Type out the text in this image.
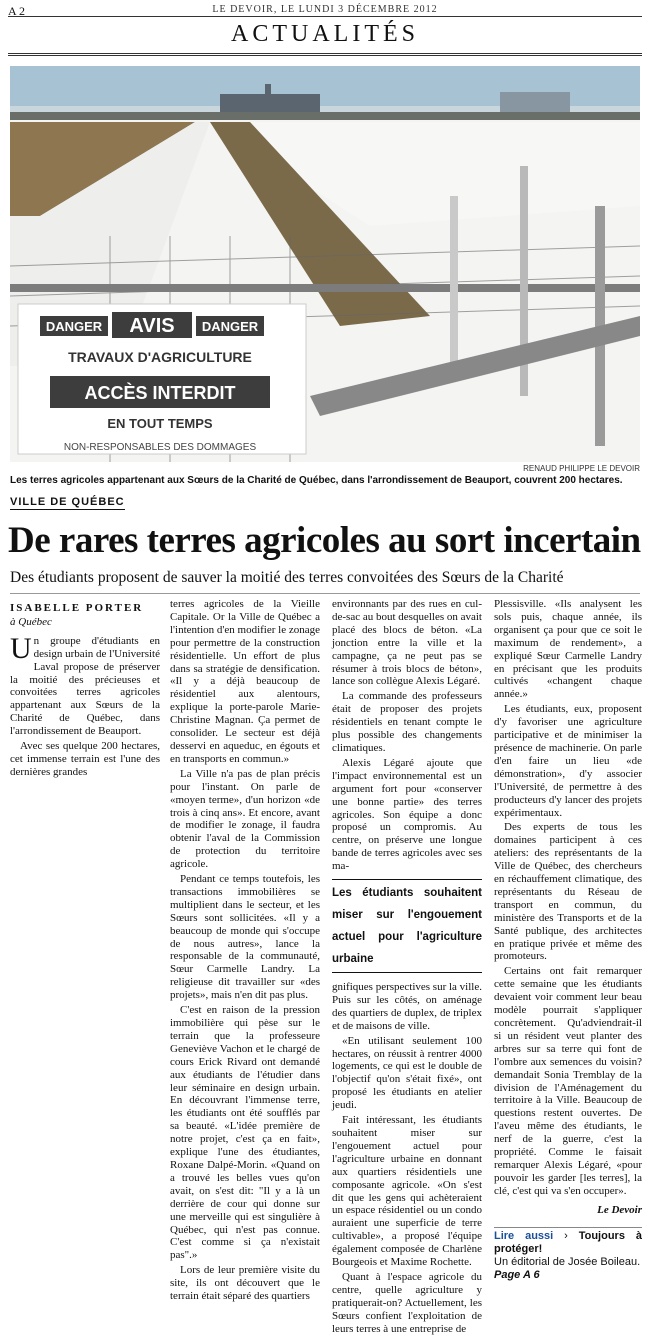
A 2	LE DEVOIR, LE LUNDI 3 DÉCEMBRE 2012
ACTUALITÉS
DANGER AVIS DANGER
TRAVAUX D'AGRICULTURE
ACCÈS INTERDIT
EN TOUT TEMPS
NON-RESPONSABLES DES DOMMAGES
RENAUD PHILIPPE LE DEVOIR
Les terres agricoles appartenant aux Sœurs de la Charité de Québec, dans l'arrondissement de Beauport, couvrent 200 hectares.
VILLE DE QUÉBEC
De rares terres agricoles au sort incertain
Des étudiants proposent de sauver la moitié des terres convoitées des Sœurs de la Charité
ISABELLE PORTER
à Québec

Un groupe d'étudiants en design urbain de l'Université Laval propose de préserver la moitié des précieuses et convoitées terres agricoles appartenant aux Sœurs de la Charité de Québec, dans l'arrondissement de Beauport.

Avec ses quelque 200 hectares, cet immense terrain est l'une des dernières grandes

terres agricoles de la Vieille Capitale. Or la Ville de Québec a l'intention d'en modifier le zonage pour permettre de la construction résidentielle. Un effort de plus dans sa stratégie de densification. «Il y a déjà beaucoup de résidentiel aux alentours, explique la porte-parole Marie-Christine Magnan. Ça permet de consolider. Le secteur est déjà desservi en aqueduc, en égouts et en transports en commun.»

La Ville n'a pas de plan précis pour l'instant. On parle de «moyen terme», d'un horizon «de trois à cinq ans». Et encore, avant de modifier le zonage, il faudra obtenir l'aval de la Commission de protection du territoire agricole.

Pendant ce temps toutefois, les transactions immobilières se multiplient dans le secteur, et les Sœurs sont sollicitées. «Il y a beaucoup de monde qui s'occupe de nous autres», lance la responsable de la communauté, Sœur Carmelle Landry. La religieuse dit travailler sur «des projets», mais n'en dit pas plus.

C'est en raison de la pression immobilière qui pèse sur le terrain que la professeure Geneviève Vachon et le chargé de cours Erick Rivard ont demandé aux étudiants de l'étudier dans leur séminaire en design urbain. En découvrant l'immense terre, les étudiants ont été soufflés par sa beauté. «L'idée première de notre projet, c'est ça en fait», explique l'une des étudiantes, Roxane Dalpé-Morin. «Quand on a trouvé les belles vues qu'on avait, on s'est dit: "Il y a là un derrière de cour qui donne sur une merveille qui est singulière à Québec, qui n'est pas connue. C'est comme si ça n'existait pas".»

Lors de leur première visite du site, ils ont découvert que le terrain était séparé des quartiers

environnants par des rues en cul-de-sac au bout desquelles on avait placé des blocs de béton. «La jonction entre la ville et la campagne, ça ne peut pas se résumer à trois blocs de béton», lance son collègue Alexis Légaré.

La commande des professeurs était de proposer des projets résidentiels en tenant compte le plus possible des changements climatiques.

Alexis Légaré ajoute que l'impact environnemental est un argument fort pour «conserver une bonne partie» des terres agricoles. Son équipe a donc proposé un compromis. Au centre, on préserve une longue bande de terres agricoles avec ses ma-

Les étudiants souhaitent miser sur l'engouement actuel pour l'agriculture urbaine

gnifiques perspectives sur la ville. Puis sur les côtés, on aménage des quartiers de duplex, de triplex et de maisons de ville.

«En utilisant seulement 100 hectares, on réussit à rentrer 4000 logements, ce qui est le double de l'objectif qu'on s'était fixé», ont proposé les étudiants en atelier jeudi.

Fait intéressant, les étudiants souhaitent miser sur l'engouement actuel pour l'agriculture urbaine en donnant aux quartiers résidentiels une composante agricole. «On s'est dit que les gens qui achèteraient un espace résidentiel ou un condo auraient une superficie de terre cultivable», a proposé l'équipe également composée de Charlène Bourgeois et Maxime Rochette.

Quant à l'espace agricole du centre, quelle agriculture y pratiquerait-on? Actuellement, les Sœurs confient l'exploitation de leurs terres à une entreprise de

Plessisville. «Ils analysent les sols puis, chaque année, ils organisent ça pour que ce soit le maximum de rendement», a expliqué Sœur Carmelle Landry en précisant que les produits cultivés «changent chaque année.»

Les étudiants, eux, proposent d'y favoriser une agriculture participative et de minimiser la présence de machinerie. On parle d'en faire un lieu «de démonstration», d'y associer l'Université, de permettre à des producteurs d'y lancer des projets expérimentaux.

Des experts de tous les domaines participent à ces ateliers: des représentants de la Ville de Québec, des chercheurs en réchauffement climatique, des représentants du Réseau de transport en commun, du ministère des Transports et de la Santé publique, des architectes en pratique privée et même des promoteurs.

Certains ont fait remarquer cette semaine que les étudiants devaient voir comment leur beau modèle pourrait s'appliquer concrètement. Qu'adviendrait-il si un résident veut planter des arbres sur sa terre qui font de l'ombre aux semences du voisin? demandait Sonia Tremblay de la division de l'Aménagement du territoire à la Ville. Beaucoup de questions restent ouvertes. De l'aveu même des étudiants, le nerf de la guerre, c'est la propriété. Comme le faisait remarquer Alexis Légaré, «pour pouvoir les garder [les terres], la clé, c'est qui va s'en occuper».

Le Devoir
Lire aussi › Toujours à protéger!
Un éditorial de Josée Boileau.
Page A 6
